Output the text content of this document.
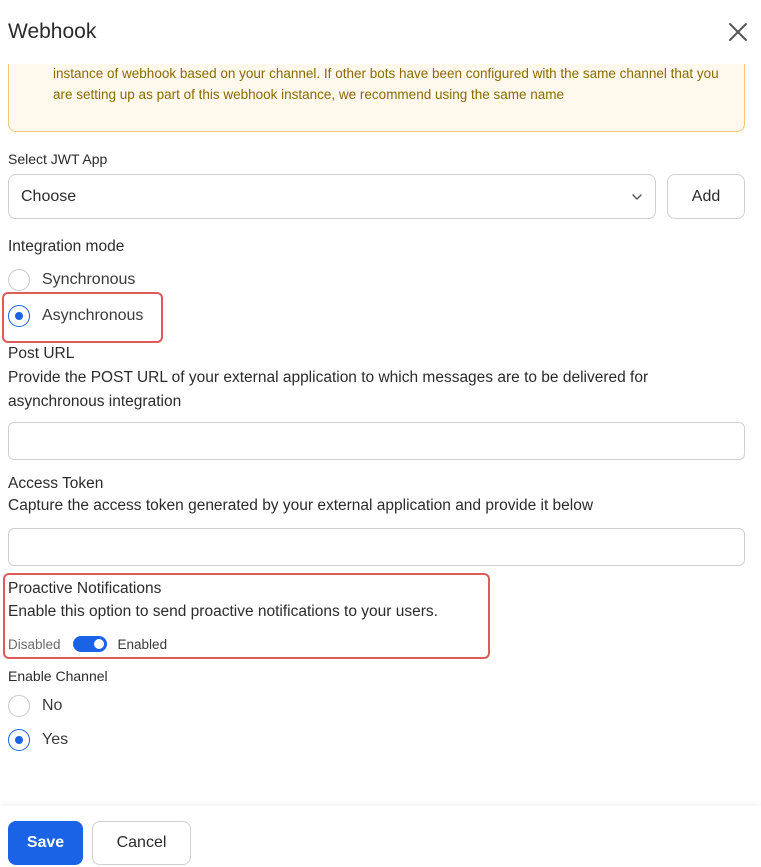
Webhook
instance of webhook based on your channel. If other bots have been configured with the same channel that you are setting up as part of this webhook instance, we recommend using the same name
Select JWT App
Choose	Add
Integration mode
Synchronous
Asynchronous
Post URL
Provide the POST URL of your external application to which messages are to be delivered for asynchronous integration
Access Token
Capture the access token generated by your external application and provide it below
Proactive Notifications
Enable this option to send proactive notifications to your users.
Disabled	Enabled
Enable Channel
No
Yes
Save	Cancel
